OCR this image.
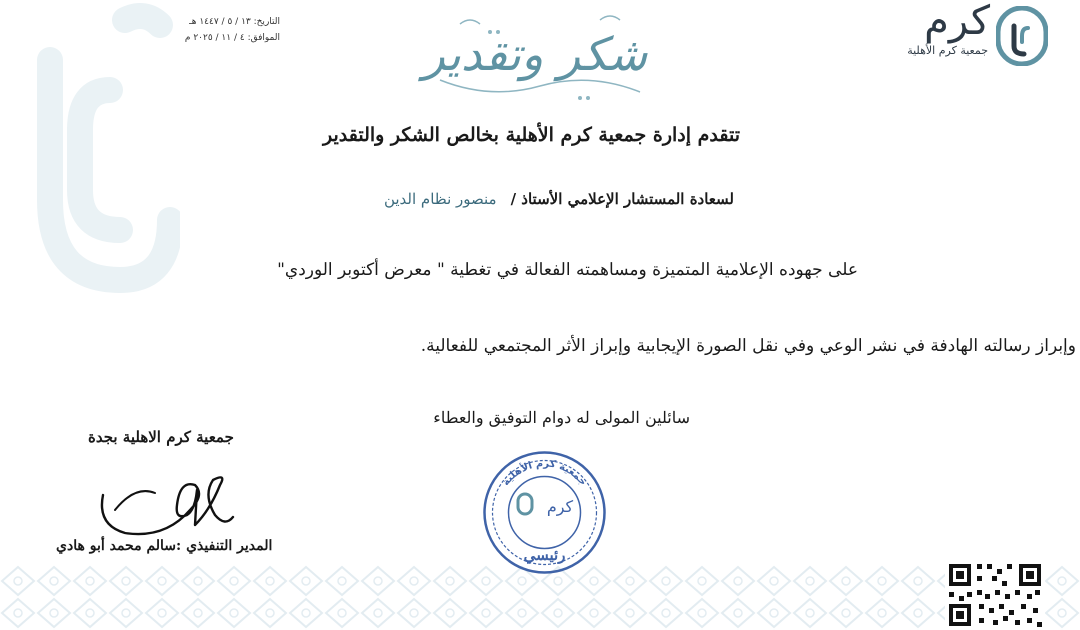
التاريخ: ١٣ / ٥ / ١٤٤٧ هـ
الموافق: ٤ / ١١ / ٢٠٢٥ م	كرم
جمعية كرم الأهلية
شكر وتقدير
تتقدم إدارة جمعية كرم الأهلية بخالص الشكر والتقدير
لسعادة المستشار الإعلامي الأستاذ /منصور نظام الدين
على جهوده الإعلامية المتميزة ومساهمته الفعالة في تغطية " معرض أكتوبر الوردي"
وإبراز رسالته الهادفة في نشر الوعي وفي نقل الصورة الإيجابية وإبراز الأثر المجتمعي للفعالية.
سائلين المولى له دوام التوفيق والعطاء
جمعية كرم الاهلية بجدة
المدير التنفيذي :سالم محمد أبو هادي
جمعية كرم الأهلية
كرم
رئيسي
